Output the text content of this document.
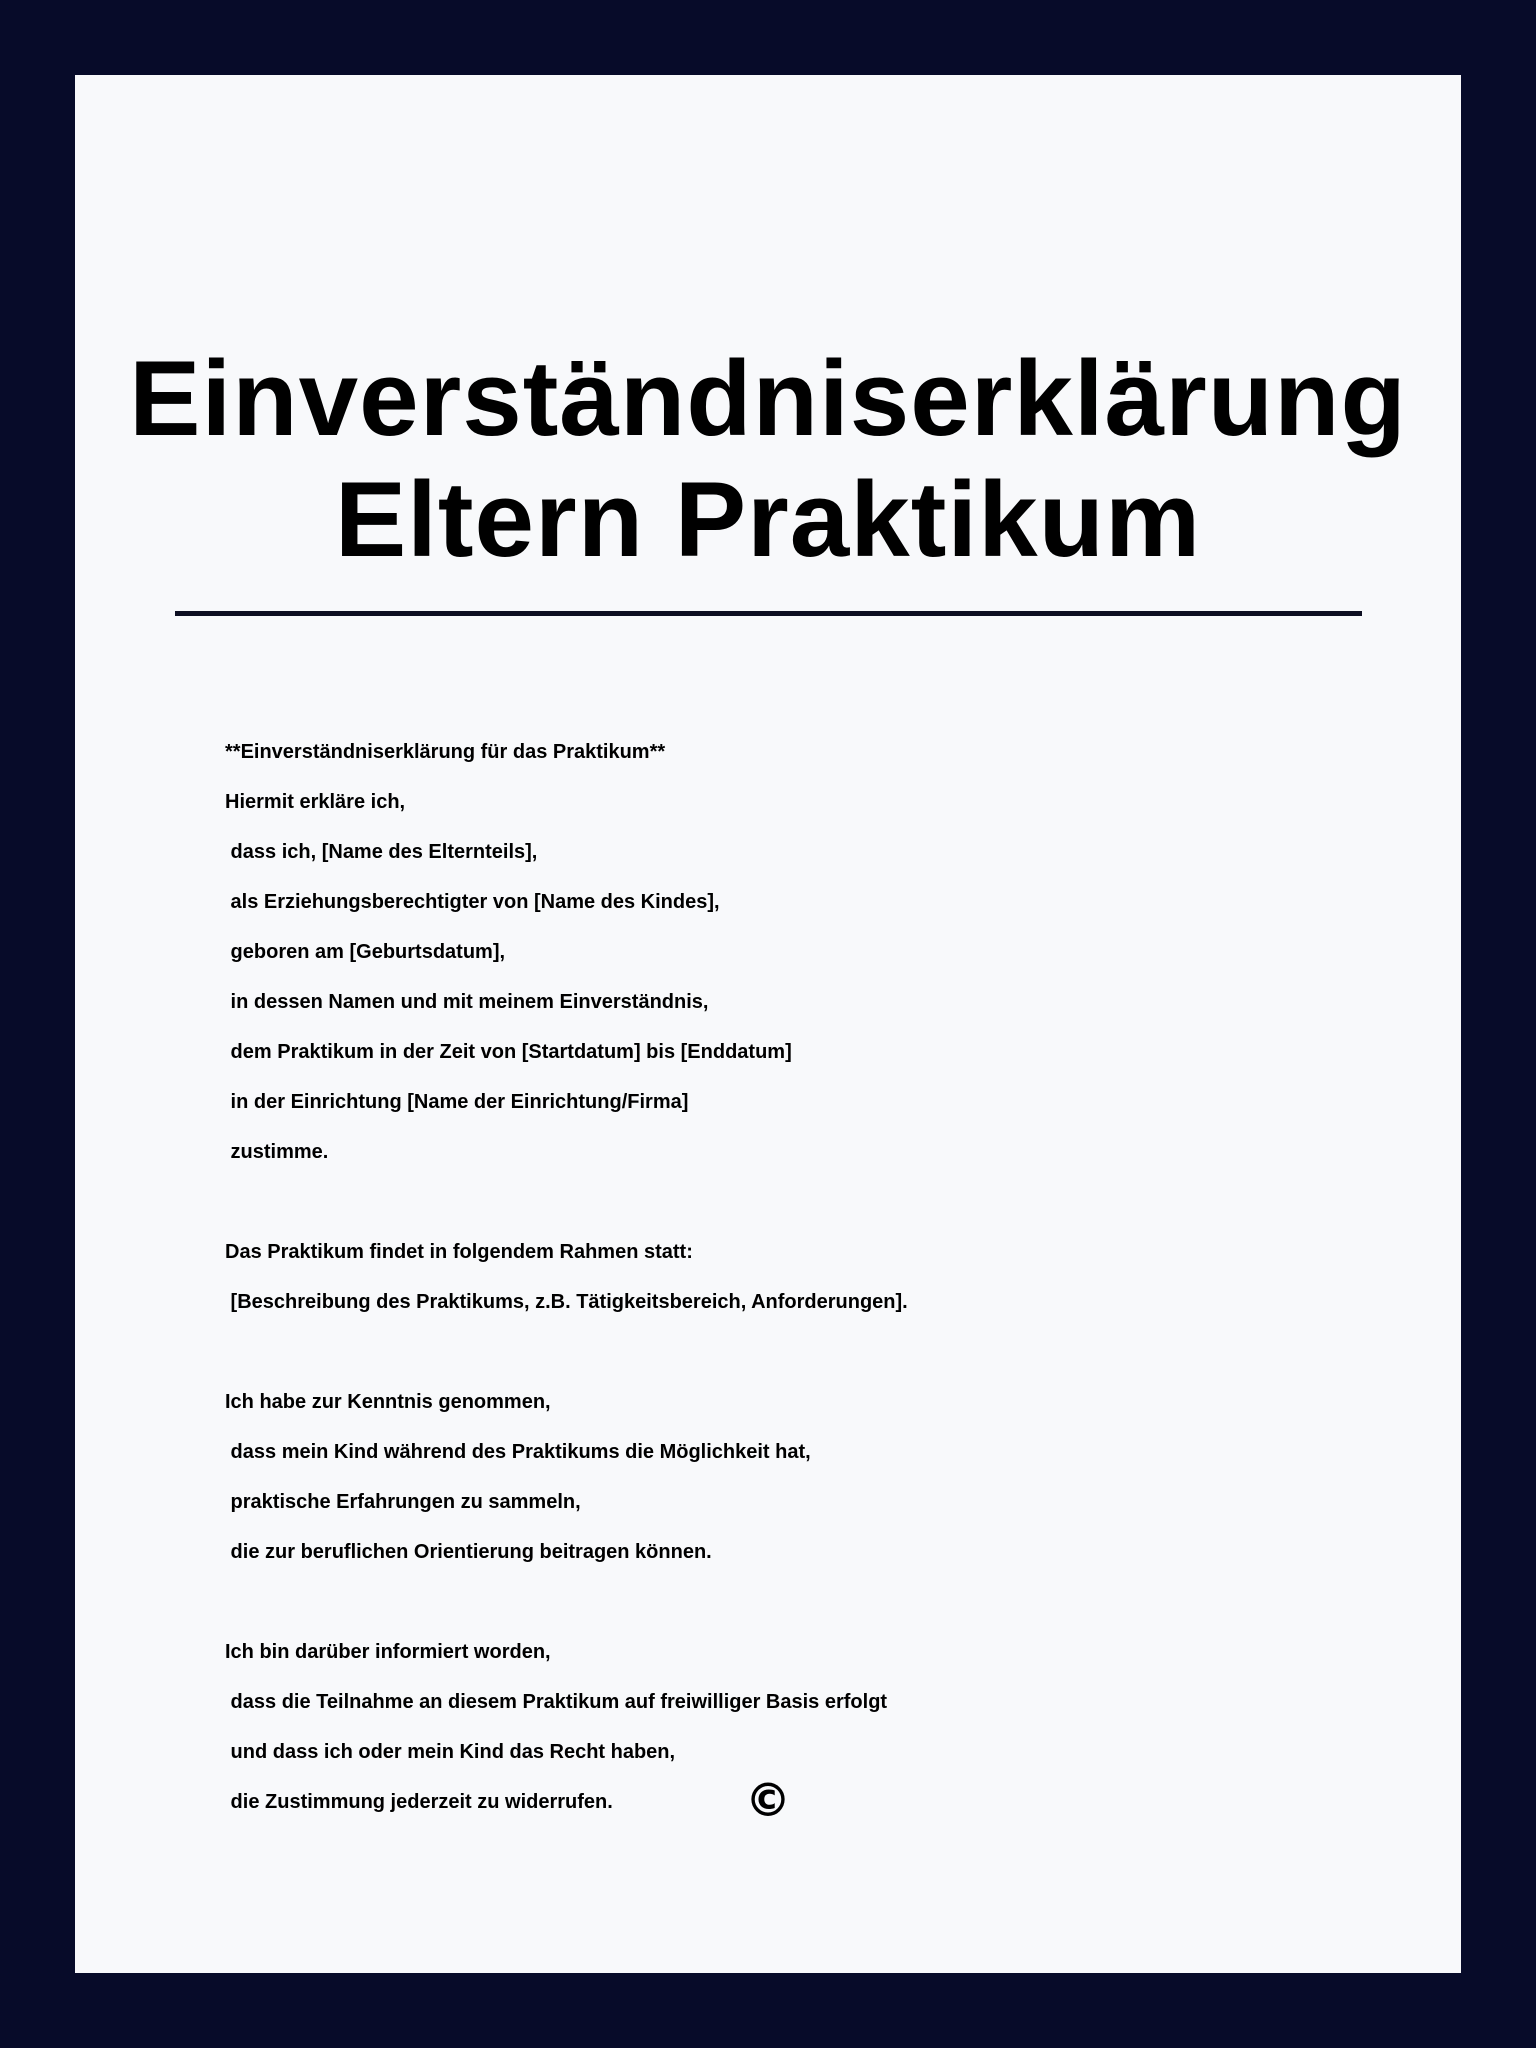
Einverständniserklärung
Eltern Praktikum
**Einverständniserklärung für das Praktikum**
Hiermit erkläre ich,
dass ich, [Name des Elternteils],
als Erziehungsberechtigter von [Name des Kindes],
geboren am [Geburtsdatum],
in dessen Namen und mit meinem Einverständnis,
dem Praktikum in der Zeit von [Startdatum] bis [Enddatum]
in der Einrichtung [Name der Einrichtung/Firma]
zustimme.
Das Praktikum findet in folgendem Rahmen statt:
[Beschreibung des Praktikums, z.B. Tätigkeitsbereich, Anforderungen].
Ich habe zur Kenntnis genommen,
dass mein Kind während des Praktikums die Möglichkeit hat,
praktische Erfahrungen zu sammeln,
die zur beruflichen Orientierung beitragen können.
Ich bin darüber informiert worden,
dass die Teilnahme an diesem Praktikum auf freiwilliger Basis erfolgt
und dass ich oder mein Kind das Recht haben,
die Zustimmung jederzeit zu widerrufen.	©
